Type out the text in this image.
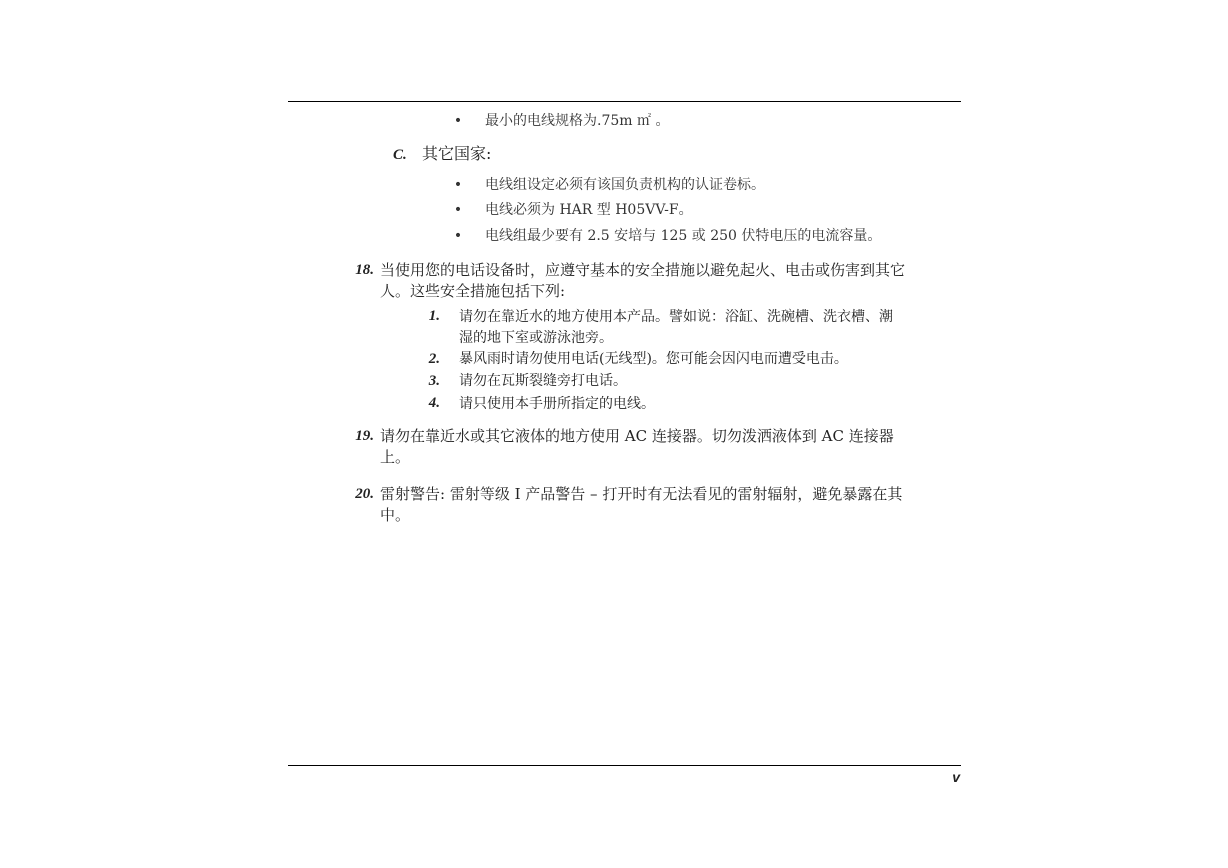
• 最小的电线规格为.75m ㎡ 。
C. 其它国家:
• 电线组设定必须有该国负责机构的认证卷标。
• 电线必须为 HAR 型 H05VV-F。
• 电线组最少要有 2.5 安培与 125 或 250 伏特电压的电流容量。
18. 当使用您的电话设备时，应遵守基本的安全措施以避免起火、电击或伤害到其它
人。这些安全措施包括下列:
1. 请勿在靠近水的地方使用本产品。譬如说：浴缸、洗碗槽、洗衣槽、潮
湿的地下室或游泳池旁。
2. 暴风雨时请勿使用电话(无线型)。您可能会因闪电而遭受电击。
3. 请勿在瓦斯裂缝旁打电话。
4. 请只使用本手册所指定的电线。
19. 请勿在靠近水或其它液体的地方使用 AC 连接器。切勿泼洒液体到 AC 连接器
上。
20. 雷射警告: 雷射等级 I 产品警告 – 打开时有无法看见的雷射辐射，避免暴露在其
中。
v
